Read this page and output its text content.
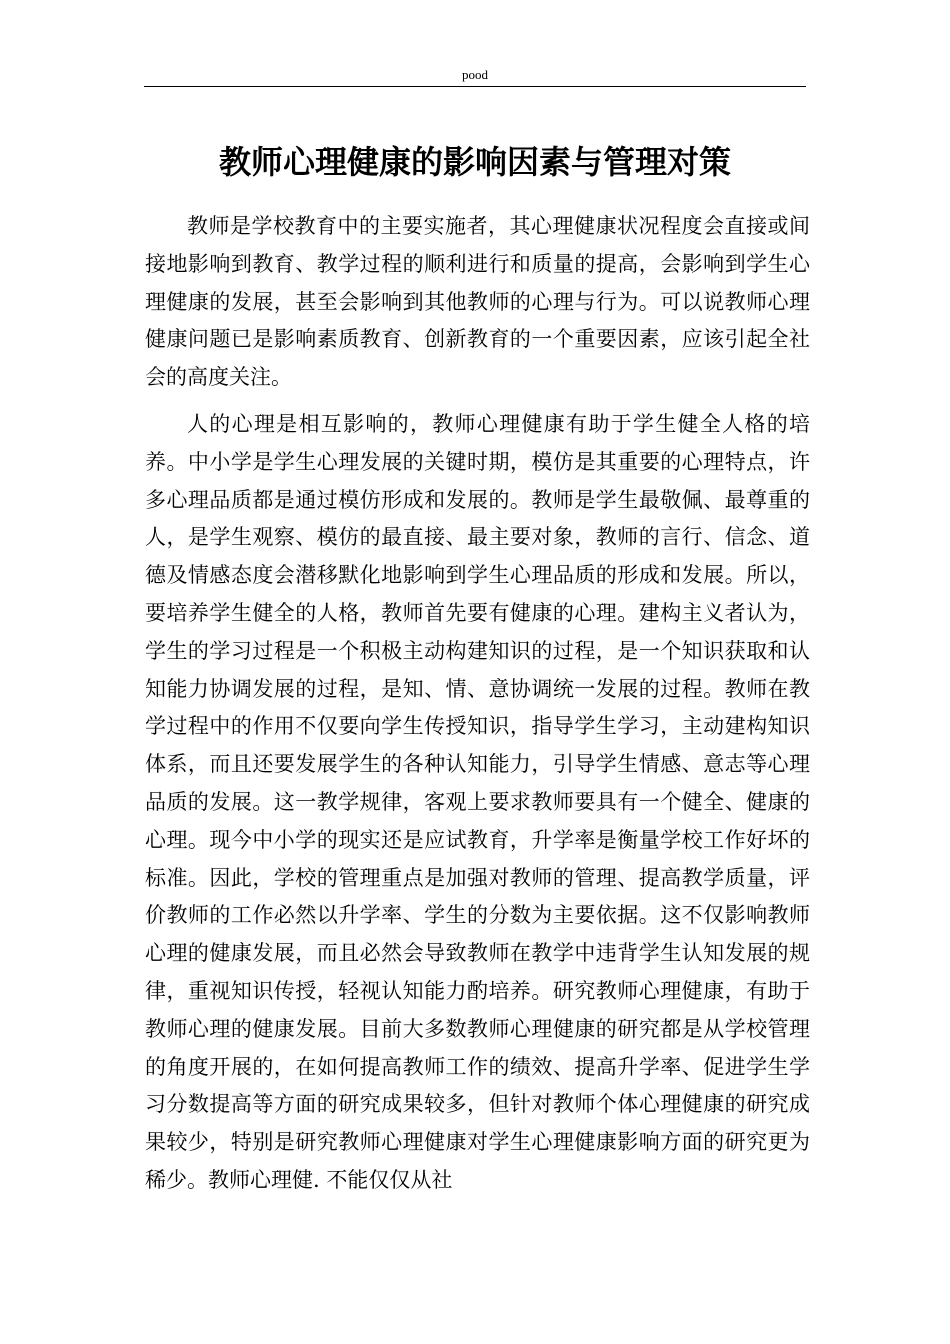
pood
教师心理健康的影响因素与管理对策

教师是学校教育中的主要实施者，其心理健康状况程度会直接或间接地影响到教育、教学过程的顺利进行和质量的提高，会影响到学生心理健康的发展，甚至会影响到其他教师的心理与行为。可以说教师心理健康问题已是影响素质教育、创新教育的一个重要因素，应该引起全社会的高度关注。

人的心理是相互影响的，教师心理健康有助于学生健全人格的培养。中小学是学生心理发展的关键时期，模仿是其重要的心理特点，许多心理品质都是通过模仿形成和发展的。教师是学生最敬佩、最尊重的人，是学生观察、模仿的最直接、最主要对象，教师的言行、信念、道德及情感态度会潜移默化地影响到学生心理品质的形成和发展。所以，要培养学生健全的人格，教师首先要有健康的心理。建构主义者认为，学生的学习过程是一个积极主动构建知识的过程，是一个知识获取和认知能力协调发展的过程，是知、情、意协调统一发展的过程。教师在教学过程中的作用不仅要向学生传授知识，指导学生学习，主动建构知识体系，而且还要发展学生的各种认知能力，引导学生情感、意志等心理品质的发展。这一教学规律，客观上要求教师要具有一个健全、健康的心理。现今中小学的现实还是应试教育，升学率是衡量学校工作好坏的标准。因此，学校的管理重点是加强对教师的管理、提高教学质量，评价教师的工作必然以升学率、学生的分数为主要依据。这不仅影响教师心理的健康发展，而且必然会导致教师在教学中违背学生认知发展的规律，重视知识传授，轻视认知能力酌培养。研究教师心理健康，有助于教师心理的健康发展。目前大多数教师心理健康的研究都是从学校管理的角度开展的，在如何提高教师工作的绩效、提高升学率、促进学生学习分数提高等方面的研究成果较多，但针对教师个体心理健康的研究成果较少，特别是研究教师心理健康对学生心理健康影响方面的研究更为稀少。教师心理健. 不能仅仅从社
